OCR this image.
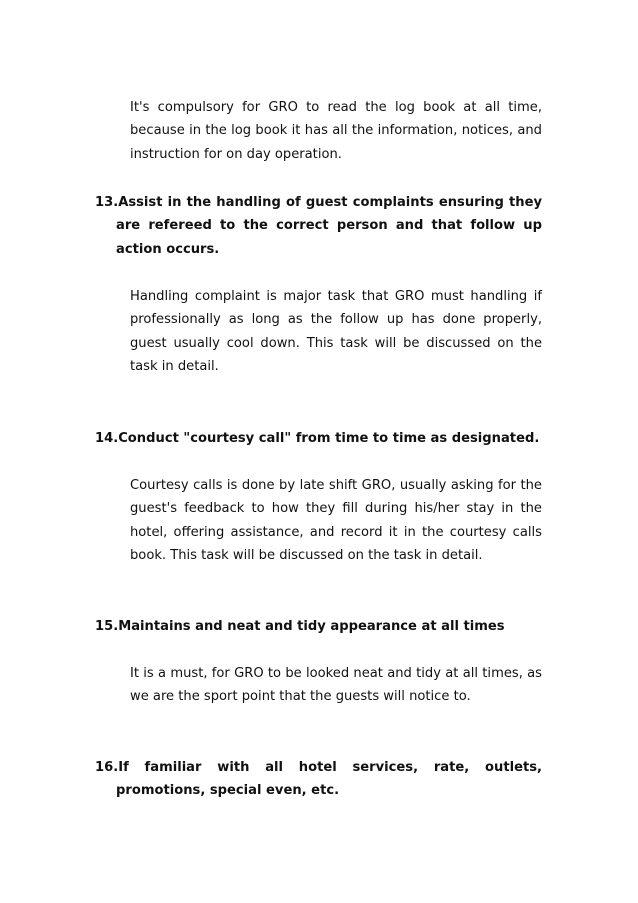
It's compulsory for GRO to read the log book at all time, because in the log book it has all the information, notices, and instruction for on day operation.

13.Assist in the handling of guest complaints ensuring they
are refereed to the correct person and that follow up
action occurs.

Handling complaint is major task that GRO must handling if professionally as long as the follow up has done properly, guest usually cool down. This task will be discussed on the task in detail.

14.Conduct "courtesy call" from time to time as designated.

Courtesy calls is done by late shift GRO, usually asking for the guest's feedback to how they fill during his/her stay in the hotel, offering assistance, and record it in the courtesy calls book. This task will be discussed on the task in detail.

15.Maintains and neat and tidy appearance at all times

It is a must, for GRO to be looked neat and tidy at all times, as we are the sport point that the guests will notice to.

16.If familiar with all hotel services, rate, outlets,
promotions, special even, etc.
